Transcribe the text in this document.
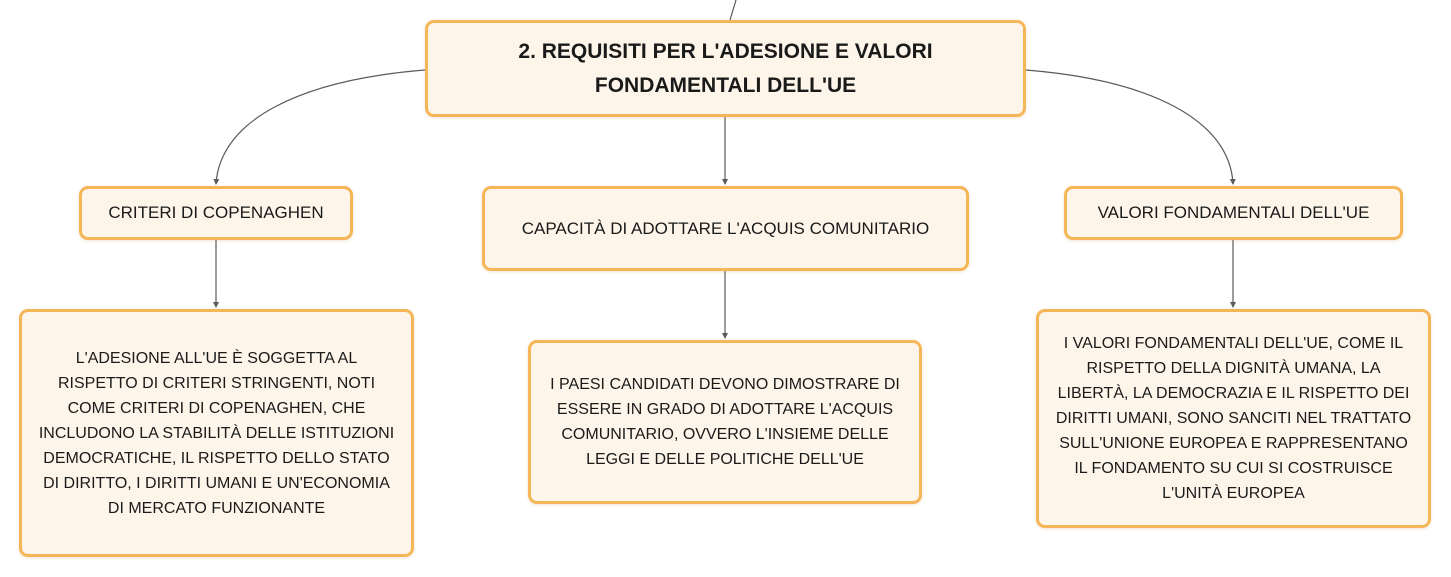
2. REQUISITI PER L'ADESIONE E VALORI FONDAMENTALI DELL'UE
CRITERI DI COPENAGHEN
CAPACITÀ DI ADOTTARE L'ACQUIS COMUNITARIO
VALORI FONDAMENTALI DELL'UE
L'ADESIONE ALL'UE È SOGGETTA AL RISPETTO DI CRITERI STRINGENTI, NOTI COME CRITERI DI COPENAGHEN, CHE INCLUDONO LA STABILITÀ DELLE ISTITUZIONI DEMOCRATICHE, IL RISPETTO DELLO STATO DI DIRITTO, I DIRITTI UMANI E UN'ECONOMIA DI MERCATO FUNZIONANTE
I PAESI CANDIDATI DEVONO DIMOSTRARE DI ESSERE IN GRADO DI ADOTTARE L'ACQUIS COMUNITARIO, OVVERO L'INSIEME DELLE LEGGI E DELLE POLITICHE DELL'UE
I VALORI FONDAMENTALI DELL'UE, COME IL RISPETTO DELLA DIGNITÀ UMANA, LA LIBERTÀ, LA DEMOCRAZIA E IL RISPETTO DEI DIRITTI UMANI, SONO SANCITI NEL TRATTATO SULL'UNIONE EUROPEA E RAPPRESENTANO IL FONDAMENTO SU CUI SI COSTRUISCE L'UNITÀ EUROPEA
